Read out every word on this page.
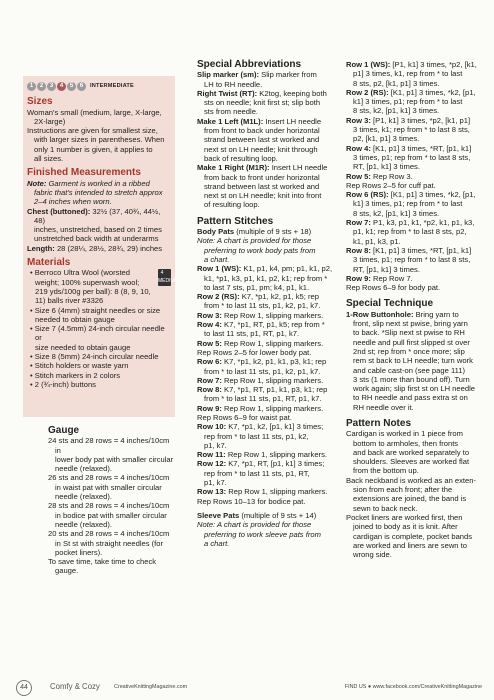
1	2	3	4	5	6	INTERMEDIATE
Sizes
Woman's small (medium, large, X-large,
2X-large)
Instructions are given for smallest size,
with larger sizes in parentheses. When
only 1 number is given, it applies to
all sizes.
Finished Measurements
Note: Garment is worked in a ribbed
fabric that's intended to stretch approx
2–4 inches when worn.
Chest (buttoned): 32½ (37, 40¾, 44½, 48)
inches, unstretched, based on 2 times
unstretched back width at underarms
Length: 28 (28¼, 28½, 28¾, 29) inches
Materials
4 MEDIUM
• Berroco Ultra Wool (worsted
weight; 100% superwash wool;
219 yds/100g per ball): 8 (8, 9, 10,
11) balls river #3326
• Size 6 (4mm) straight needles or size
needed to obtain gauge
• Size 7 (4.5mm) 24-inch circular needle or
size needed to obtain gauge
• Size 8 (5mm) 24-inch circular needle
• Stitch holders or waste yarn
• Stitch markers in 2 colors
• 2 (¾-inch) buttons
Gauge
24 sts and 28 rows = 4 inches/10cm in
lower body pat with smaller circular
needle (relaxed).
26 sts and 28 rows = 4 inches/10cm
in waist pat with smaller circular
needle (relaxed).
28 sts and 28 rows = 4 inches/10cm
in bodice pat with smaller circular
needle (relaxed).
20 sts and 28 rows = 4 inches/10cm
in St st with straight needles (for
pocket liners).
To save time, take time to check
gauge.
Special Abbreviations
Slip marker (sm): Slip marker from
LH to RH needle.
Right Twist (RT): K2tog, keeping both
sts on needle; knit first st; slip both
sts from needle.
Make 1 Left (M1L): Insert LH needle
from front to back under horizontal
strand between last st worked and
next st on LH needle; knit through
back of resulting loop.
Make 1 Right (M1R): Insert LH needle
from back to front under horizontal
strand between last st worked and
next st on LH needle; knit into front
of resulting loop.
Pattern Stitches
Body Pats (multiple of 9 sts + 18)
Note: A chart is provided for those
preferring to work body pats from
a chart.
Row 1 (WS): K1, p1, k4, pm; p1, k1, p2,
k1, *p1, k3, p1, k1, p2, k1; rep from *
to last 7 sts, p1, pm; k4, p1, k1.
Row 2 (RS): K7, *p1, k2, p1, k5; rep
from * to last 11 sts, p1, k2, p1, k7.
Row 3: Rep Row 1, slipping markers.
Row 4: K7, *p1, RT, p1, k5; rep from *
to last 11 sts, p1, RT, p1, k7.
Row 5: Rep Row 1, slipping markers.
Rep Rows 2–5 for lower body pat.
Row 6: K7, *p1, k2, p1, k1, p3, k1; rep
from * to last 11 sts, p1, k2, p1, k7.
Row 7: Rep Row 1, slipping markers.
Row 8: K7, *p1, RT, p1, k1, p3, k1; rep
from * to last 11 sts, p1, RT, p1, k7.
Row 9: Rep Row 1, slipping markers.
Rep Rows 6–9 for waist pat.
Row 10: K7, *p1, k2, [p1, k1] 3 times;
rep from * to last 11 sts, p1, k2,
p1, k7.
Row 11: Rep Row 1, slipping markers.
Row 12: K7, *p1, RT, [p1, k1] 3 times;
rep from * to last 11 sts, p1, RT,
p1, k7.
Row 13: Rep Row 1, slipping markers.
Rep Rows 10–13 for bodice pat.
Sleeve Pats (multiple of 9 sts + 14)
Note: A chart is provided for those
preferring to work sleeve pats from
a chart.
Row 1 (WS): [P1, k1] 3 times, *p2, [k1,
p1] 3 times, k1, rep from * to last
8 sts, p2, [k1, p1] 3 times.
Row 2 (RS): [K1, p1] 3 times, *k2, [p1,
k1] 3 times, p1; rep from * to last
8 sts, k2, [p1, k1] 3 times.
Row 3: [P1, k1] 3 times, *p2, [k1, p1]
3 times, k1; rep from * to last 8 sts,
p2, [k1, p1] 3 times.
Row 4: [K1, p1] 3 times, *RT, [p1, k1]
3 times, p1; rep from * to last 8 sts,
RT, [p1, k1] 3 times.
Row 5: Rep Row 3.
Rep Rows 2–5 for cuff pat.
Row 6 (RS): [K1, p1] 3 times, *k2, [p1,
k1] 3 times, p1; rep from * to last
8 sts, k2, [p1, k1] 3 times.
Row 7: P1, k3, p1, k1, *p2, k1, p1, k3,
p1, k1; rep from * to last 8 sts, p2,
k1, p1, k3, p1.
Row 8: [K1, p1] 3 times, *RT, [p1, k1]
3 times, p1; rep from * to last 8 sts,
RT, [p1, k1] 3 times.
Row 9: Rep Row 7.
Rep Rows 6–9 for body pat.
Special Technique
1-Row Buttonhole: Bring yarn to
front, slip next st pwise, bring yarn
to back. *Slip next st pwise to RH
needle and pull first slipped st over
2nd st; rep from * once more; slip
rem st back to LH needle; turn work
and cable cast-on (see page 111)
3 sts (1 more than bound off). Turn
work again; slip first st on LH needle
to RH needle and pass extra st on
RH needle over it.
Pattern Notes
Cardigan is worked in 1 piece from
bottom to armholes, then fronts
and back are worked separately to
shoulders. Sleeves are worked flat
from the bottom up.
Back neckband is worked as an exten-
sion from each front; after the
extensions are joined, the band is
sewn to back neck.
Pocket liners are worked first, then
joined to body as it is knit. After
cardigan is complete, pocket bands
are worked and liners are sewn to
wrong side.
44	Comfy & Cozy	CreativeKnittingMagazine.com	FIND US ● www.facebook.com/CreativeKnittingMagazine
